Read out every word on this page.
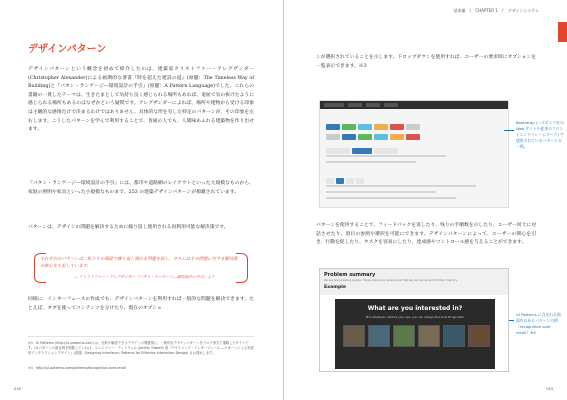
デザインパターン
デザインパターンという概念を初めて紹介したのは、建築家クリストファー・アレグザンダー(Christopher Alexander)による画期的な著書『時を超えた建設の道』(原題：The Timeless Way of Building)と『パタン・ランゲージ―環境設計の手引』(原題：A Pattern Language)でした。これらの書籍の一貫したテーマは、生きたまとして気持ち良く感じられる場所もあれば、退屈で気の抜けたように感じられる場所もあるのはなぜかという疑問です。アレグザンダーによれば、場所や建物から受ける印象は主観的な感情だけで決まるわけではありません。具体的な形を有した特定のパターンが、その印象を左右します。こうしたパターンを学んで利用することで、普通の人でも、人間味あふれる建築物を作り出せます。
『パタン・ランゲージ―環境設計の手引』には、都市や道路網のレイアウトといった大規模なものから、家庭の照明や家具といった小規模なものまで、253 の建築デザインパターンが掲載されています。
パターンは、デザインの問題を解決するために繰り返し使用される再利用可能な解決策です。
それぞれのパターンは、私たちの環境で繰り返し現れる問題を説し、さらにはその問題に対する解決策の核心をも記しています。
— クリストファー・アレグザンダー『パタン・ランゲージ―環境設計の手引』より
同様に、インターフェースの作成でも、デザインパターンを利用すれば一般的な問題を解決できます。たとえば、タブを使ってコンテンツを分けたり、現在のオプショ
※3 UI Patterns (http://ui-patterns.com) は、比較や解説できるデザインの問題別に、一般的なデザインパターンをブログ形式で掲載したサイトです。UI パターンの最良例を閲覧していれば、ジェニファー・ティドウェル (Jenifer Tidwell) 著『デザイニング・インターフェース ―パターンによる実践的インタラクションデザイン』(原題：Designing Interfaces: Patterns for Effective Interaction Design) もお奨めします。
※4 http://ui-patterns.com/patterns/Recognition-over-recall
018
基本編 / CHAPTER 1 / デザインシステム
ンが選択されていることを示します。ドロップダウンを使用すれば、ユーザーの要求時にオプションを一覧表示できます。※3
Bootstrap (ハズボンフ社の Web サイトや従来のフロントエンドフレームワーク) で使用されているパターンの一例。
パターンを使用することで、フィードバックを返したり、残りの手順数を示したり、ユーザー同士に対話させたり、項目の参照や選択を可能にできます。デザインパターンによって、ユーザーの関心を引き、行動を促したり、タスクを容易にしたり、達成感やコントロール感を与えることができます。
Problem summary
We are brain-reading people. Things previously experienced that we can recognize from their memory.
Example
What are you interested in?
Pick whatever catches your eye, you can always fine-tune things later	UI Patterns に含まれる画面内のあるパターンの例（recognition over recall）※4
019
